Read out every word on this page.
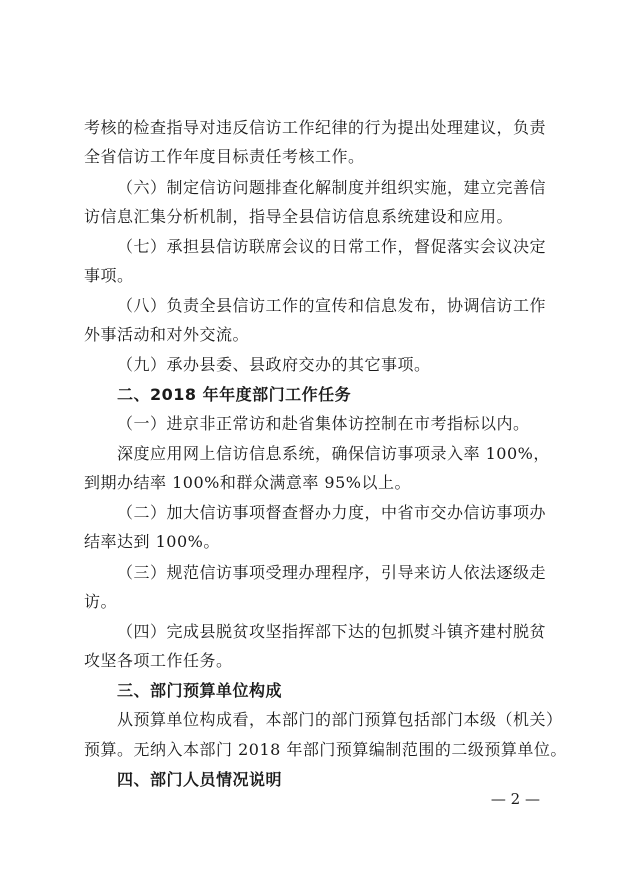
考核的检查指导对违反信访工作纪律的行为提出处理建议，负责
全省信访工作年度目标责任考核工作。
（六）制定信访问题排查化解制度并组织实施，建立完善信
访信息汇集分析机制，指导全县信访信息系统建设和应用。
（七）承担县信访联席会议的日常工作，督促落实会议决定
事项。
（八）负责全县信访工作的宣传和信息发布，协调信访工作
外事活动和对外交流。
（九）承办县委、县政府交办的其它事项。
二、2018 年年度部门工作任务
（一）进京非正常访和赴省集体访控制在市考指标以内。
深度应用网上信访信息系统，确保信访事项录入率 100%，
到期办结率 100%和群众满意率 95%以上。
（二）加大信访事项督查督办力度，中省市交办信访事项办
结率达到 100%。
（三）规范信访事项受理办理程序，引导来访人依法逐级走
访。
（四）完成县脱贫攻坚指挥部下达的包抓熨斗镇齐建村脱贫
攻坚各项工作任务。
三、部门预算单位构成
从预算单位构成看，本部门的部门预算包括部门本级（机关）
预算。无纳入本部门 2018 年部门预算编制范围的二级预算单位。
四、部门人员情况说明
— 2 —
